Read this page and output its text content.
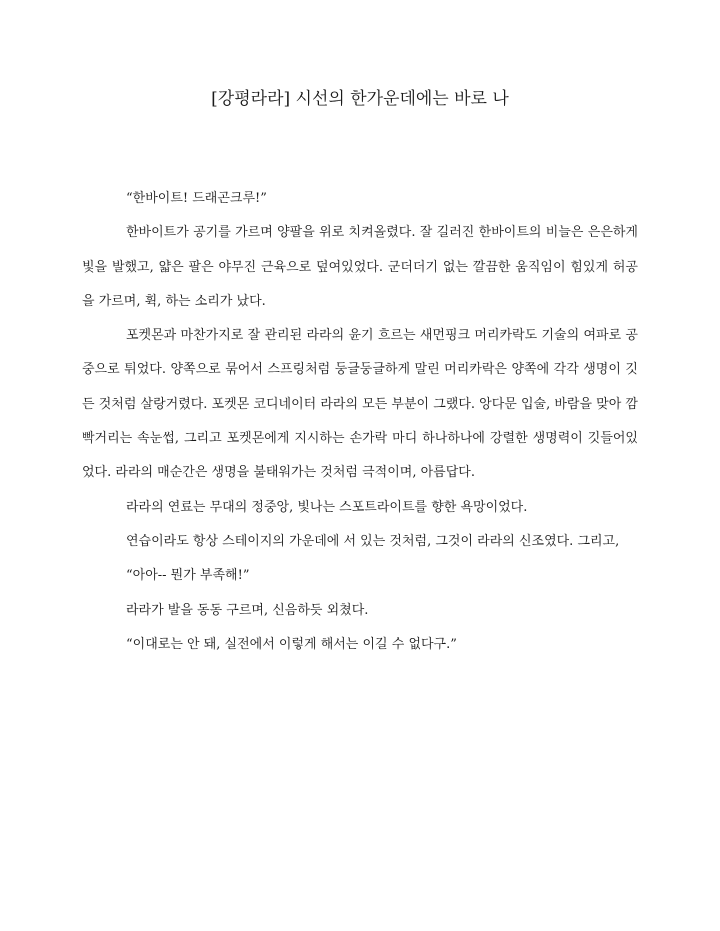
[강평라라] 시선의 한가운데에는 바로 나

“한바이트! 드래곤크루!”

한바이트가 공기를 가르며 양팔을 위로 치켜올렸다. 잘 길러진 한바이트의 비늘은 은은하게 빛을 발했고, 얇은 팔은 야무진 근육으로 덮여있었다. 군더더기 없는 깔끔한 움직임이 힘있게 허공을 가르며, 휙, 하는 소리가 났다.

포켓몬과 마찬가지로 잘 관리된 라라의 윤기 흐르는 새먼핑크 머리카락도 기술의 여파로 공중으로 튀었다. 양쪽으로 묶어서 스프링처럼 둥글둥글하게 말린 머리카락은 양쪽에 각각 생명이 깃든 것처럼 살랑거렸다. 포켓몬 코디네이터 라라의 모든 부분이 그랬다. 앙다문 입술, 바람을 맞아 깜빡거리는 속눈썹, 그리고 포켓몬에게 지시하는 손가락 마디 하나하나에 강렬한 생명력이 깃들어있었다. 라라의 매순간은 생명을 불태워가는 것처럼 극적이며, 아름답다.

라라의 연료는 무대의 정중앙, 빛나는 스포트라이트를 향한 욕망이었다.

연습이라도 항상 스테이지의 가운데에 서 있는 것처럼, 그것이 라라의 신조였다. 그리고,

“아아-- 뭔가 부족해!”

라라가 발을 동동 구르며, 신음하듯 외쳤다.

“이대로는 안 돼, 실전에서 이렇게 해서는 이길 수 없다구.”
